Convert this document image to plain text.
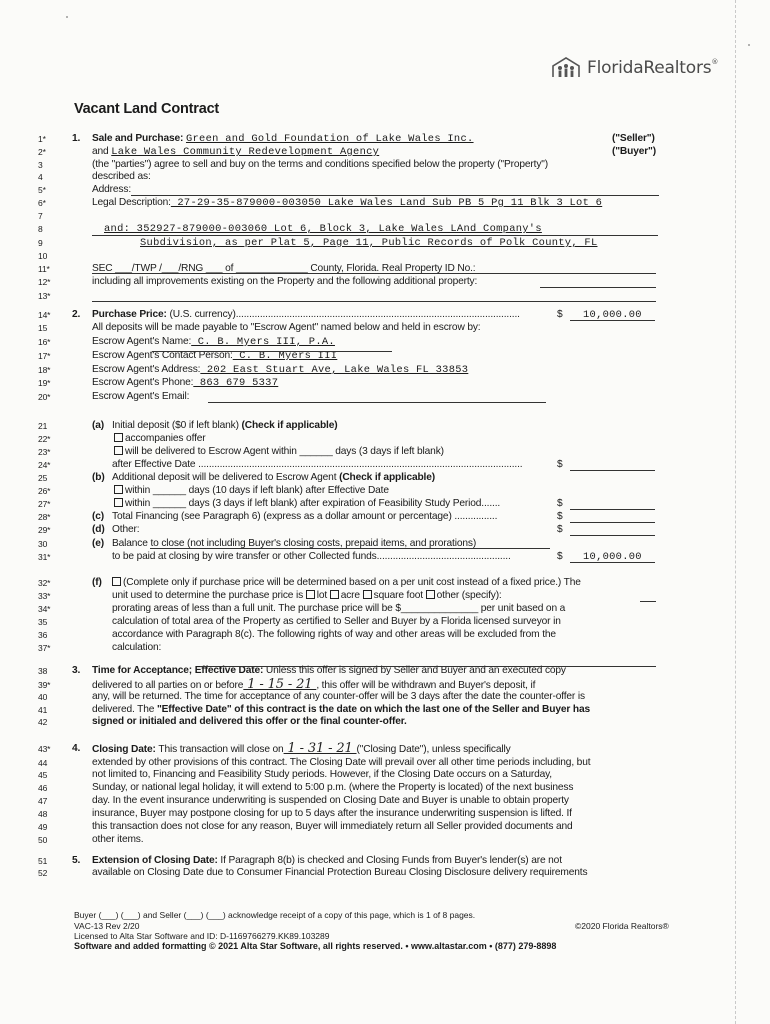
FloridaRealtors®
Vacant Land Contract
1*	1. Sale and Purchase: Green and Gold Foundation of Lake Wales Inc.	("Seller")
2*	and Lake Wales Community Redevelopment Agency	("Buyer")
3	(the "parties") agree to sell and buy on the terms and conditions specified below the property ("Property")
4	described as:
5*	Address:
6*	Legal Description: 27-29-35-879000-003050 Lake Wales Land Sub PB 5 Pg 11 Blk 3 Lot 6
7
8	and: 352927-879000-003060 Lot 6, Block 3, Lake Wales LAnd Company's
9	Subdivision, as per Plat 5, Page 11, Public Records of Polk County, FL
10
11*	SEC ___/TWP /___/RNG ___ of _____________ County, Florida. Real Property ID No.:
12*	including all improvements existing on the Property and the following additional property:
13*
14*	2. Purchase Price: (U.S. currency)..........................................................................................................	$ 10,000.00
15	All deposits will be made payable to "Escrow Agent" named below and held in escrow by:
16*	Escrow Agent's Name: C. B. Myers III, P.A.
17*	Escrow Agent's Contact Person: C. B. Myers III
18*	Escrow Agent's Address: 202 East Stuart Ave, Lake Wales FL 33853
19*	Escrow Agent's Phone: 863 679 5337
20*	Escrow Agent's Email:
21	(a) Initial deposit ($0 if left blank) (Check if applicable)
22*	accompanies offer
23*	will be delivered to Escrow Agent within ______ days (3 days if left blank)
24*	after Effective Date .........................................................................................................................	$
25	(b) Additional deposit will be delivered to Escrow Agent (Check if applicable)
26*	within ______ days (10 days if left blank) after Effective Date
27*	within ______ days (3 days if left blank) after expiration of Feasibility Study Period.......	$
28*	(c) Total Financing (see Paragraph 6) (express as a dollar amount or percentage) ................	$
29*	(d) Other:	$
30	(e) Balance to close (not including Buyer's closing costs, prepaid items, and prorations)
31*	to be paid at closing by wire transfer or other Collected funds..................................................	$ 10,000.00
32*	(f)	(Complete only if purchase price will be determined based on a per unit cost instead of a fixed price.) The
33*	unit used to determine the purchase price is lot acre square foot other (specify):
34*	prorating areas of less than a full unit. The purchase price will be $______________ per unit based on a
35	calculation of total area of the Property as certified to Seller and Buyer by a Florida licensed surveyor in
36	accordance with Paragraph 8(c). The following rights of way and other areas will be excluded from the
37*	calculation:
38	3. Time for Acceptance; Effective Date: Unless this offer is signed by Seller and Buyer and an executed copy
39*	delivered to all parties on or before 1 - 15 - 21 , this offer will be withdrawn and Buyer's deposit, if
40	any, will be returned. The time for acceptance of any counter-offer will be 3 days after the date the counter-offer is
41	delivered. The "Effective Date" of this contract is the date on which the last one of the Seller and Buyer has
42	signed or initialed and delivered this offer or the final counter-offer.
43*	4. Closing Date: This transaction will close on 1 - 31 - 21 ("Closing Date"), unless specifically
44	extended by other provisions of this contract. The Closing Date will prevail over all other time periods including, but
45	not limited to, Financing and Feasibility Study periods. However, if the Closing Date occurs on a Saturday,
46	Sunday, or national legal holiday, it will extend to 5:00 p.m. (where the Property is located) of the next business
47	day. In the event insurance underwriting is suspended on Closing Date and Buyer is unable to obtain property
48	insurance, Buyer may postpone closing for up to 5 days after the insurance underwriting suspension is lifted. If
49	this transaction does not close for any reason, Buyer will immediately return all Seller provided documents and
50	other items.
51	5. Extension of Closing Date: If Paragraph 8(b) is checked and Closing Funds from Buyer's lender(s) are not
52	available on Closing Date due to Consumer Financial Protection Bureau Closing Disclosure delivery requirements
Buyer (___) (___) and Seller (___) (___) acknowledge receipt of a copy of this page, which is 1 of 8 pages.
VAC-13 Rev 2/20	©2020 Florida Realtors®
Licensed to Alta Star Software and ID: D-1169766279.KK89.103289
Software and added formatting © 2021 Alta Star Software, all rights reserved. • www.altastar.com • (877) 279-8898
